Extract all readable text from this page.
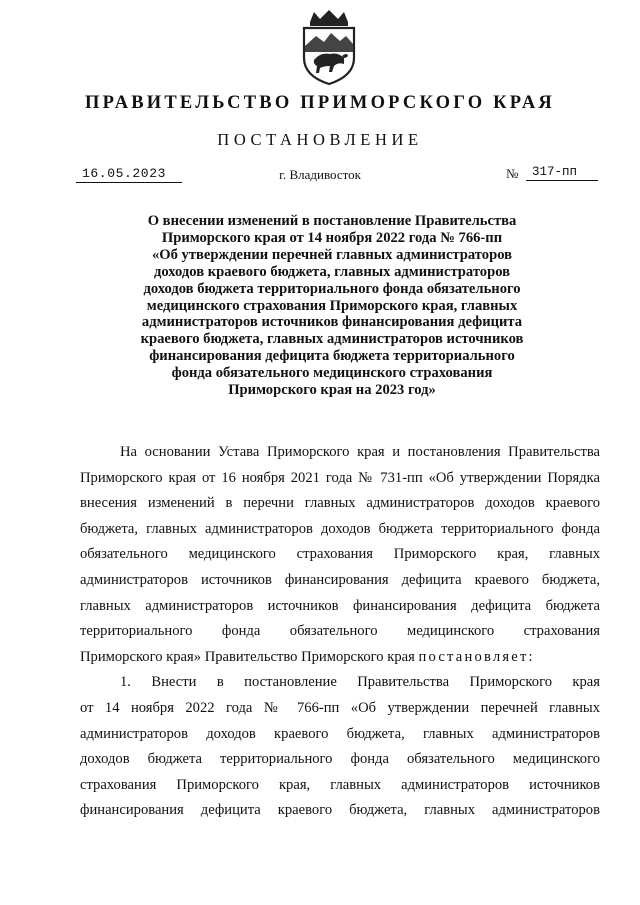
ПРАВИТЕЛЬСТВО ПРИМОРСКОГО КРАЯ
ПОСТАНОВЛЕНИЕ
16.05.2023	г. Владивосток	№	317-пп
О внесении изменений в постановление Правительства
Приморского края от 14 ноября 2022 года № 766-пп
«Об утверждении перечней главных администраторов
доходов краевого бюджета, главных администраторов
доходов бюджета территориального фонда обязательного
медицинского страхования Приморского края, главных
администраторов источников финансирования дефицита
краевого бюджета, главных администраторов источников
финансирования дефицита бюджета территориального
фонда обязательного медицинского страхования
Приморского края на 2023 год»
На основании Устава Приморского края и постановления Правительства
Приморского края от 16 ноября 2021 года № 731-пп «Об утверждении Порядка
внесения изменений в перечни главных администраторов доходов краевого
бюджета, главных администраторов доходов бюджета территориального фонда
обязательного медицинского страхования Приморского края, главных
администраторов источников финансирования дефицита краевого бюджета,
главных администраторов источников финансирования дефицита бюджета
территориального фонда обязательного медицинского страхования
Приморского края» Правительство Приморского края постановляет:
1. Внести в постановление Правительства Приморского края
от 14 ноября 2022 года № 766-пп «Об утверждении перечней главных
администраторов доходов краевого бюджета, главных администраторов
доходов бюджета территориального фонда обязательного медицинского
страхования Приморского края, главных администраторов источников
финансирования дефицита краевого бюджета, главных администраторов
